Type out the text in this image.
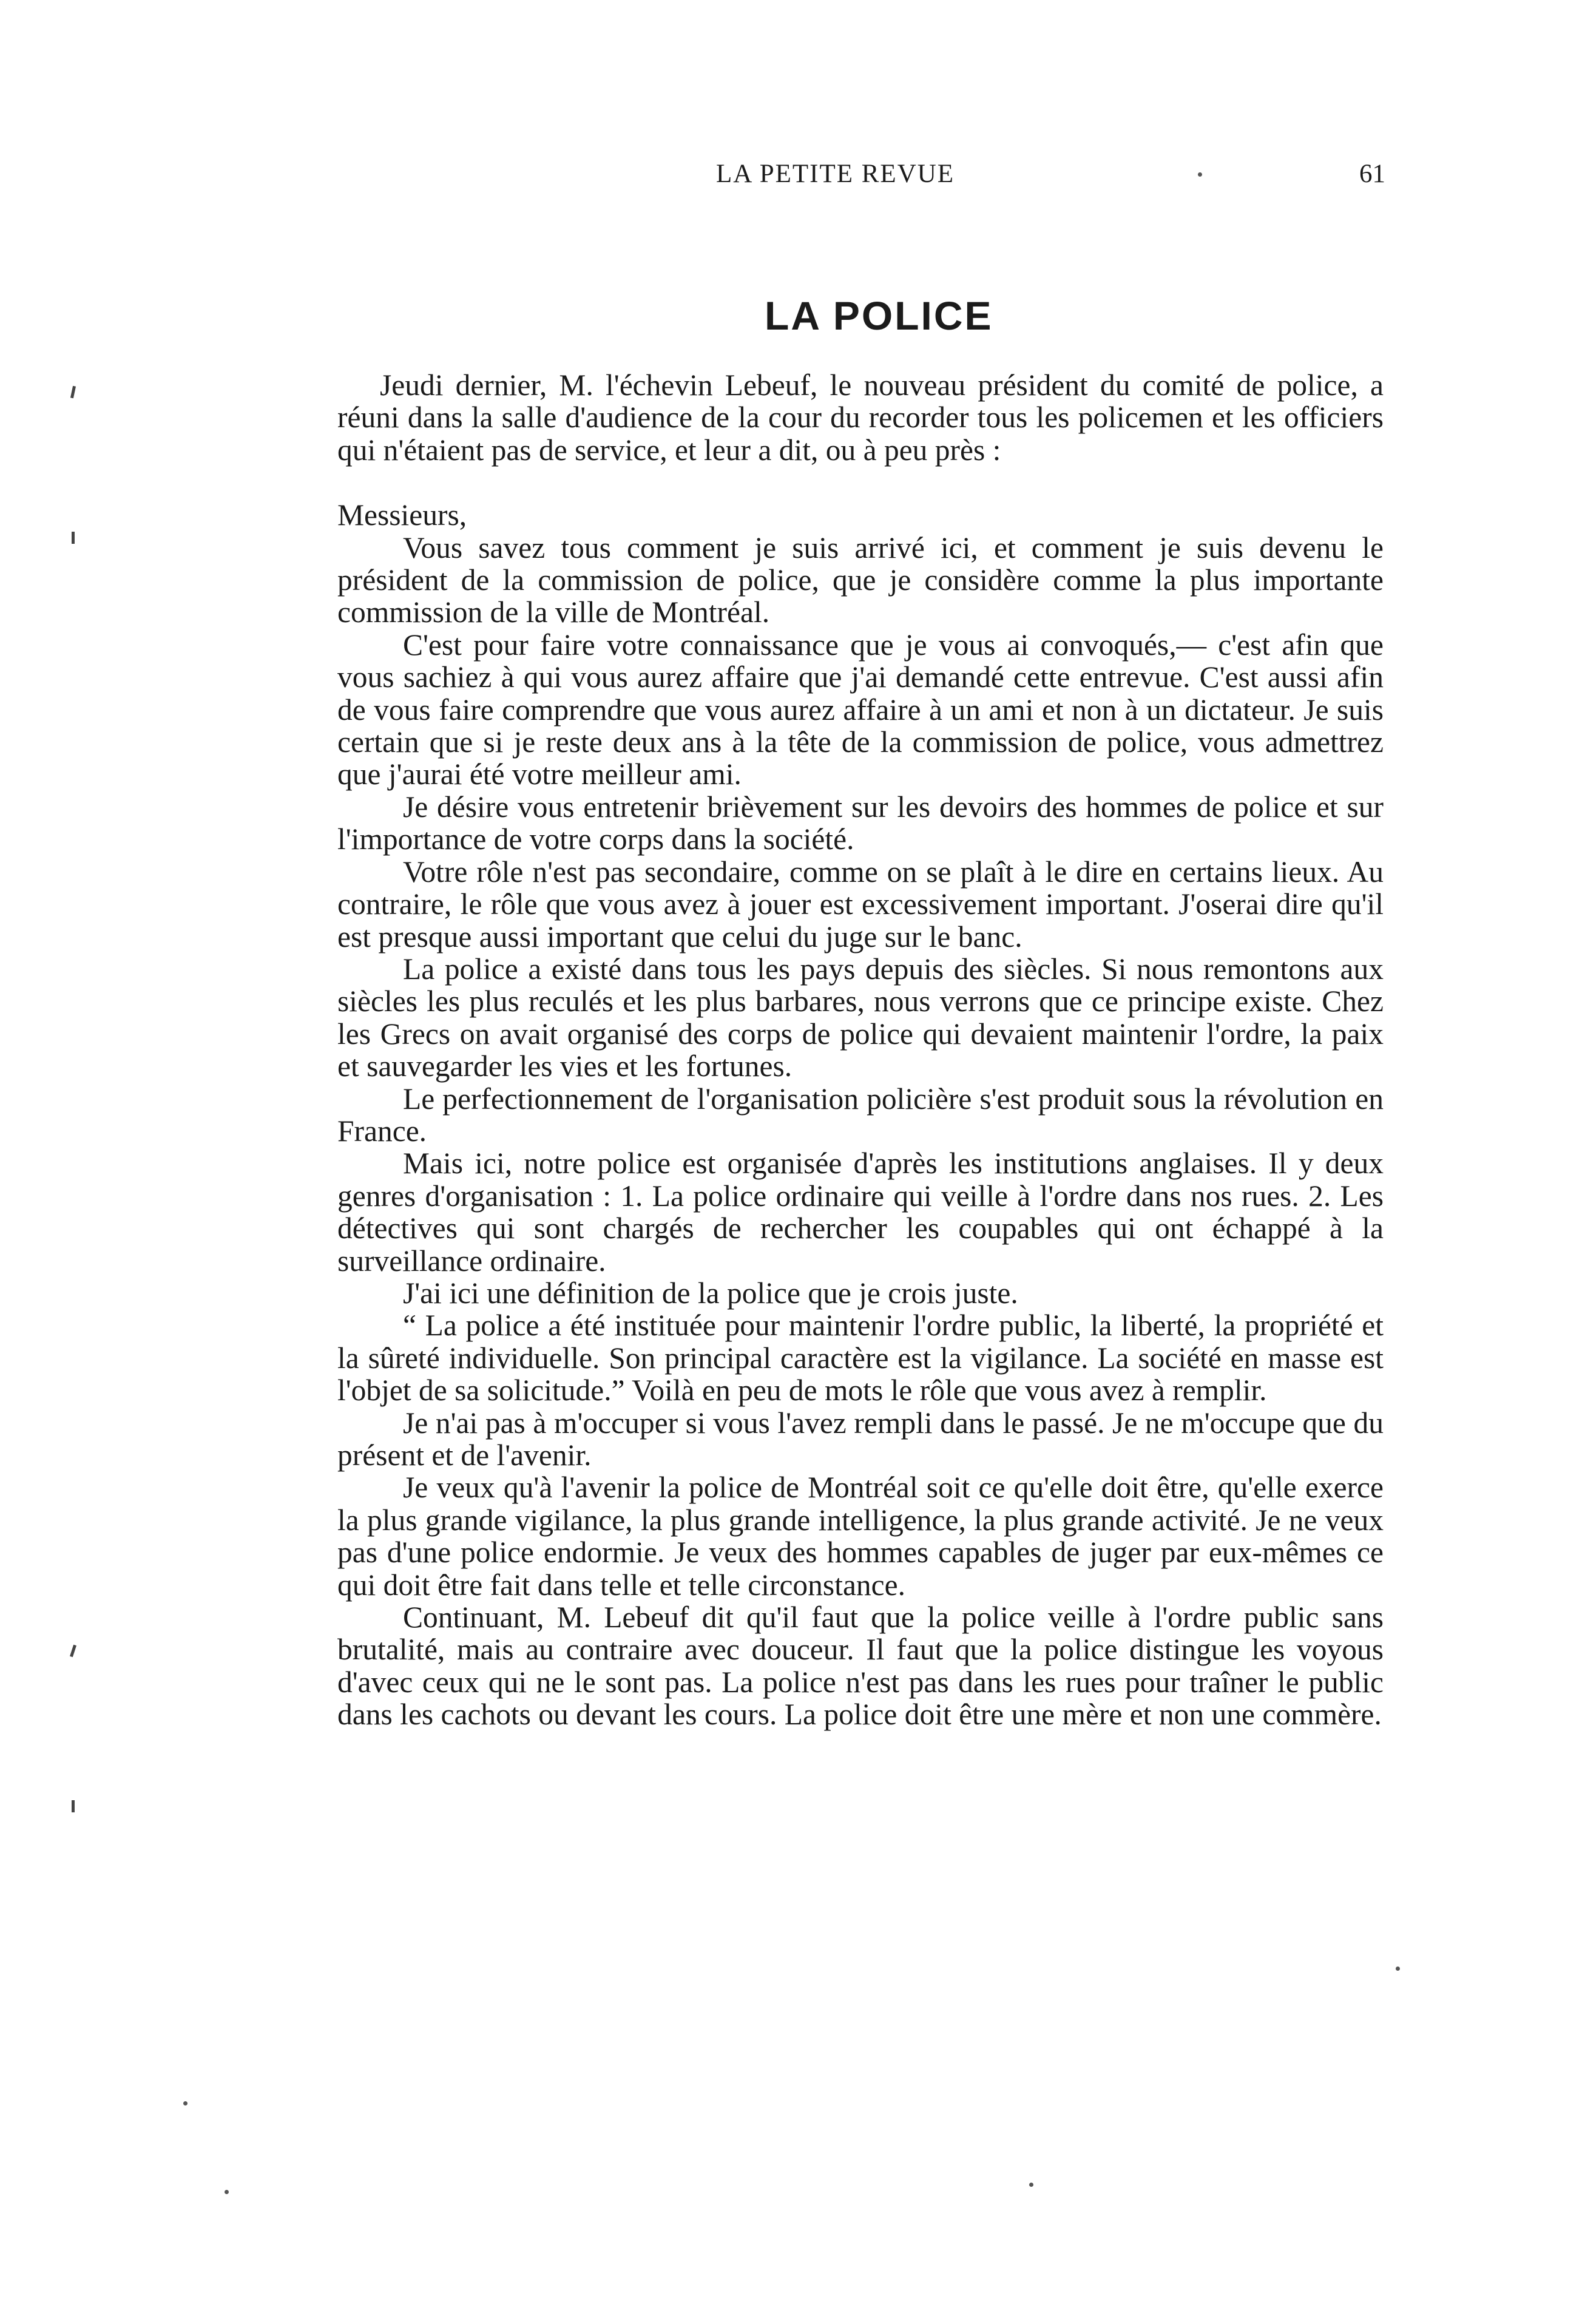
LA PETITE REVUE	61
LA POLICE

Jeudi dernier, M. l'échevin Lebeuf, le nouveau président du comité de police, a réuni dans la salle d'audience de la cour du recorder tous les policemen et les officiers qui n'étaient pas de service, et leur a dit, ou à peu près :

Messieurs,

Vous savez tous comment je suis arrivé ici, et comment je suis devenu le président de la commission de police, que je considère comme la plus importante commission de la ville de Montréal.

C'est pour faire votre connaissance que je vous ai convoqués,— c'est afin que vous sachiez à qui vous aurez affaire que j'ai demandé cette entrevue. C'est aussi afin de vous faire comprendre que vous aurez affaire à un ami et non à un dictateur. Je suis certain que si je reste deux ans à la tête de la commission de police, vous admettrez que j'aurai été votre meilleur ami.

Je désire vous entretenir brièvement sur les devoirs des hommes de police et sur l'importance de votre corps dans la société.

Votre rôle n'est pas secondaire, comme on se plaît à le dire en certains lieux. Au contraire, le rôle que vous avez à jouer est excessivement important. J'oserai dire qu'il est presque aussi important que celui du juge sur le banc.

La police a existé dans tous les pays depuis des siècles. Si nous remontons aux siècles les plus reculés et les plus barbares, nous verrons que ce principe existe. Chez les Grecs on avait organisé des corps de police qui devaient maintenir l'ordre, la paix et sauvegarder les vies et les fortunes.

Le perfectionnement de l'organisation policière s'est produit sous la révolution en France.

Mais ici, notre police est organisée d'après les institutions anglaises. Il y deux genres d'organisation : 1. La police ordinaire qui veille à l'ordre dans nos rues. 2. Les détectives qui sont chargés de rechercher les coupables qui ont échappé à la surveillance ordinaire.

J'ai ici une définition de la police que je crois juste.

“ La police a été instituée pour maintenir l'ordre public, la liberté, la propriété et la sûreté individuelle. Son principal caractère est la vigilance. La société en masse est l'objet de sa solicitude.” Voilà en peu de mots le rôle que vous avez à remplir.

Je n'ai pas à m'occuper si vous l'avez rempli dans le passé. Je ne m'occupe que du présent et de l'avenir.

Je veux qu'à l'avenir la police de Montréal soit ce qu'elle doit être, qu'elle exerce la plus grande vigilance, la plus grande intelligence, la plus grande activité. Je ne veux pas d'une police endormie. Je veux des hommes capables de juger par eux-mêmes ce qui doit être fait dans telle et telle circonstance.

Continuant, M. Lebeuf dit qu'il faut que la police veille à l'ordre public sans brutalité, mais au contraire avec douceur. Il faut que la police distingue les voyous d'avec ceux qui ne le sont pas. La police n'est pas dans les rues pour traîner le public dans les cachots ou devant les cours. La police doit être une mère et non une commère.
